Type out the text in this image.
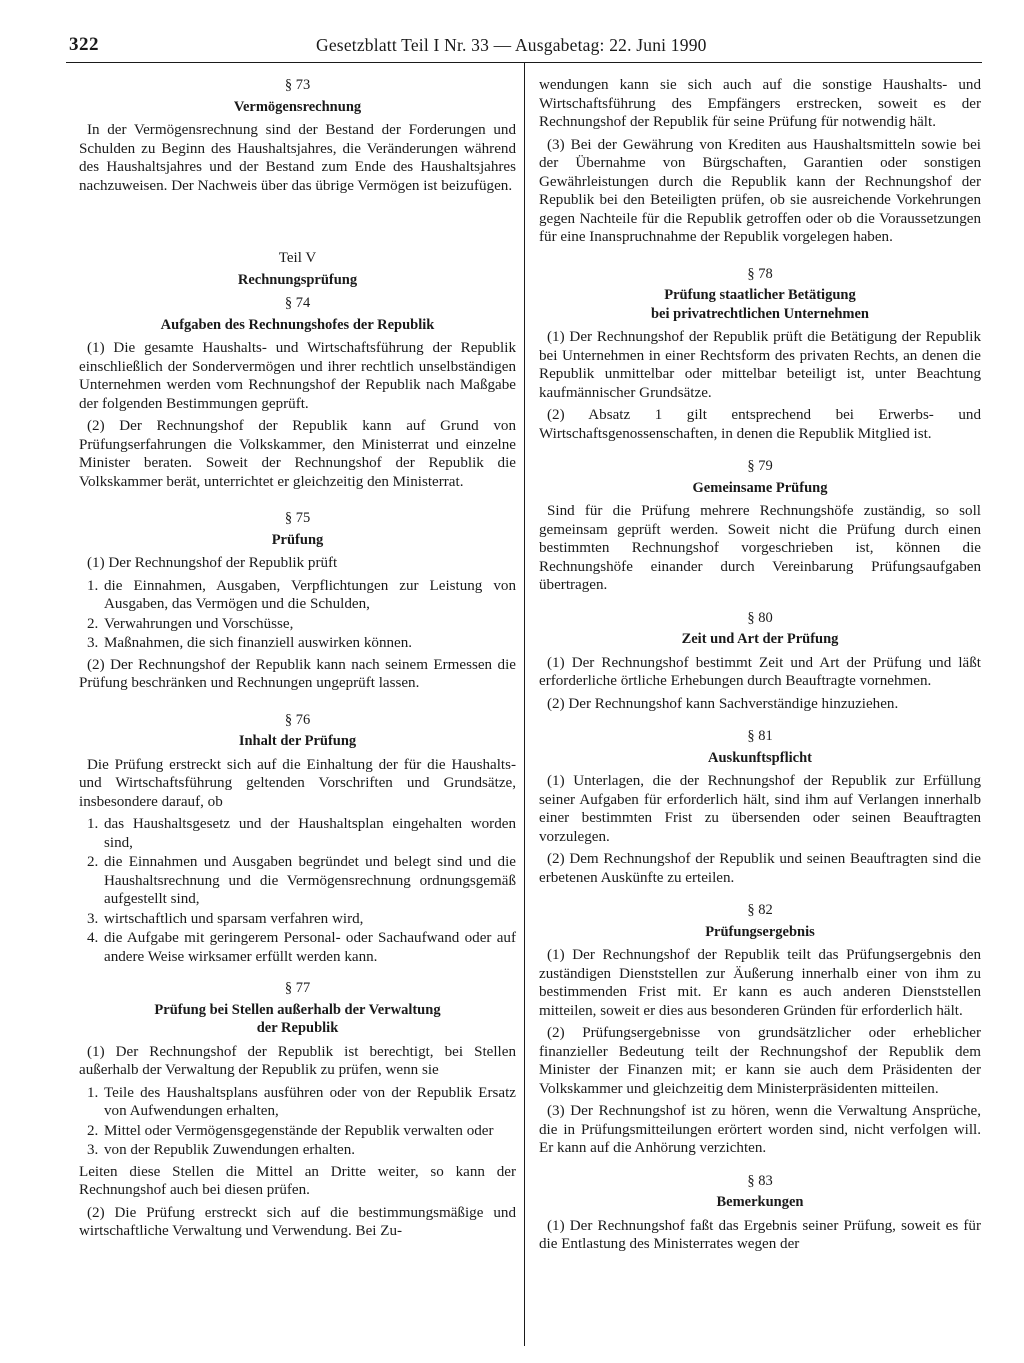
322	Gesetzblatt Teil I Nr. 33 — Ausgabetag: 22. Juni 1990
§ 73
Vermögensrechnung

In der Vermögensrechnung sind der Bestand der Forderungen und Schulden zu Beginn des Haushaltsjahres, die Veränderungen während des Haushaltsjahres und der Bestand zum Ende des Haushaltsjahres nachzuweisen. Der Nachweis über das übrige Vermögen ist beizufügen.

Teil V
Rechnungsprüfung
§ 74
Aufgaben des Rechnungshofes der Republik

(1) Die gesamte Haushalts- und Wirtschaftsführung der Republik einschließlich der Sondervermögen und ihrer rechtlich unselbständigen Unternehmen werden vom Rechnungshof der Republik nach Maßgabe der folgenden Bestimmungen geprüft.

(2) Der Rechnungshof der Republik kann auf Grund von Prüfungserfahrungen die Volkskammer, den Ministerrat und einzelne Minister beraten. Soweit der Rechnungshof der Republik die Volkskammer berät, unterrichtet er gleichzeitig den Ministerrat.

§ 75
Prüfung

(1) Der Rechnungshof der Republik prüft

1. die Einnahmen, Ausgaben, Verpflichtungen zur Leistung von Ausgaben, das Vermögen und die Schulden,
2. Verwahrungen und Vorschüsse,
3. Maßnahmen, die sich finanziell auswirken können.

(2) Der Rechnungshof der Republik kann nach seinem Ermessen die Prüfung beschränken und Rechnungen ungeprüft lassen.

§ 76
Inhalt der Prüfung

Die Prüfung erstreckt sich auf die Einhaltung der für die Haushalts- und Wirtschaftsführung geltenden Vorschriften und Grundsätze, insbesondere darauf, ob

1. das Haushaltsgesetz und der Haushaltsplan eingehalten worden sind,
2. die Einnahmen und Ausgaben begründet und belegt sind und die Haushaltsrechnung und die Vermögensrechnung ordnungsgemäß aufgestellt sind,
3. wirtschaftlich und sparsam verfahren wird,
4. die Aufgabe mit geringerem Personal- oder Sachaufwand oder auf andere Weise wirksamer erfüllt werden kann.
§ 77
Prüfung bei Stellen außerhalb der Verwaltung
der Republik

(1) Der Rechnungshof der Republik ist berechtigt, bei Stellen außerhalb der Verwaltung der Republik zu prüfen, wenn sie

1. Teile des Haushaltsplans ausführen oder von der Republik Ersatz von Aufwendungen erhalten,
2. Mittel oder Vermögensgegenstände der Republik verwalten oder
3. von der Republik Zuwendungen erhalten.

Leiten diese Stellen die Mittel an Dritte weiter, so kann der Rechnungshof auch bei diesen prüfen.

(2) Die Prüfung erstreckt sich auf die bestimmungsmäßige und wirtschaftliche Verwaltung und Verwendung. Bei Zu-

wendungen kann sie sich auch auf die sonstige Haushalts- und Wirtschaftsführung des Empfängers erstrecken, soweit es der Rechnungshof der Republik für seine Prüfung für notwendig hält.

(3) Bei der Gewährung von Krediten aus Haushaltsmitteln sowie bei der Übernahme von Bürgschaften, Garantien oder sonstigen Gewährleistungen durch die Republik kann der Rechnungshof der Republik bei den Beteiligten prüfen, ob sie ausreichende Vorkehrungen gegen Nachteile für die Republik getroffen oder ob die Voraussetzungen für eine Inanspruchnahme der Republik vorgelegen haben.

§ 78
Prüfung staatlicher Betätigung
bei privatrechtlichen Unternehmen

(1) Der Rechnungshof der Republik prüft die Betätigung der Republik bei Unternehmen in einer Rechtsform des privaten Rechts, an denen die Republik unmittelbar oder mittelbar beteiligt ist, unter Beachtung kaufmännischer Grundsätze.

(2) Absatz 1 gilt entsprechend bei Erwerbs- und Wirtschaftsgenossenschaften, in denen die Republik Mitglied ist.

§ 79
Gemeinsame Prüfung

Sind für die Prüfung mehrere Rechnungshöfe zuständig, so soll gemeinsam geprüft werden. Soweit nicht die Prüfung durch einen bestimmten Rechnungshof vorgeschrieben ist, können die Rechnungshöfe einander durch Vereinbarung Prüfungsaufgaben übertragen.

§ 80
Zeit und Art der Prüfung

(1) Der Rechnungshof bestimmt Zeit und Art der Prüfung und läßt erforderliche örtliche Erhebungen durch Beauftragte vornehmen.

(2) Der Rechnungshof kann Sachverständige hinzuziehen.

§ 81
Auskunftspflicht

(1) Unterlagen, die der Rechnungshof der Republik zur Erfüllung seiner Aufgaben für erforderlich hält, sind ihm auf Verlangen innerhalb einer bestimmten Frist zu übersenden oder seinen Beauftragten vorzulegen.

(2) Dem Rechnungshof der Republik und seinen Beauftragten sind die erbetenen Auskünfte zu erteilen.

§ 82
Prüfungsergebnis

(1) Der Rechnungshof der Republik teilt das Prüfungsergebnis den zuständigen Dienststellen zur Äußerung innerhalb einer von ihm zu bestimmenden Frist mit. Er kann es auch anderen Dienststellen mitteilen, soweit er dies aus besonderen Gründen für erforderlich hält.

(2) Prüfungsergebnisse von grundsätzlicher oder erheblicher finanzieller Bedeutung teilt der Rechnungshof der Republik dem Minister der Finanzen mit; er kann sie auch dem Präsidenten der Volkskammer und gleichzeitig dem Ministerpräsidenten mitteilen.

(3) Der Rechnungshof ist zu hören, wenn die Verwaltung Ansprüche, die in Prüfungsmitteilungen erörtert worden sind, nicht verfolgen will. Er kann auf die Anhörung verzichten.

§ 83
Bemerkungen

(1) Der Rechnungshof faßt das Ergebnis seiner Prüfung, soweit es für die Entlastung des Ministerrates wegen der
